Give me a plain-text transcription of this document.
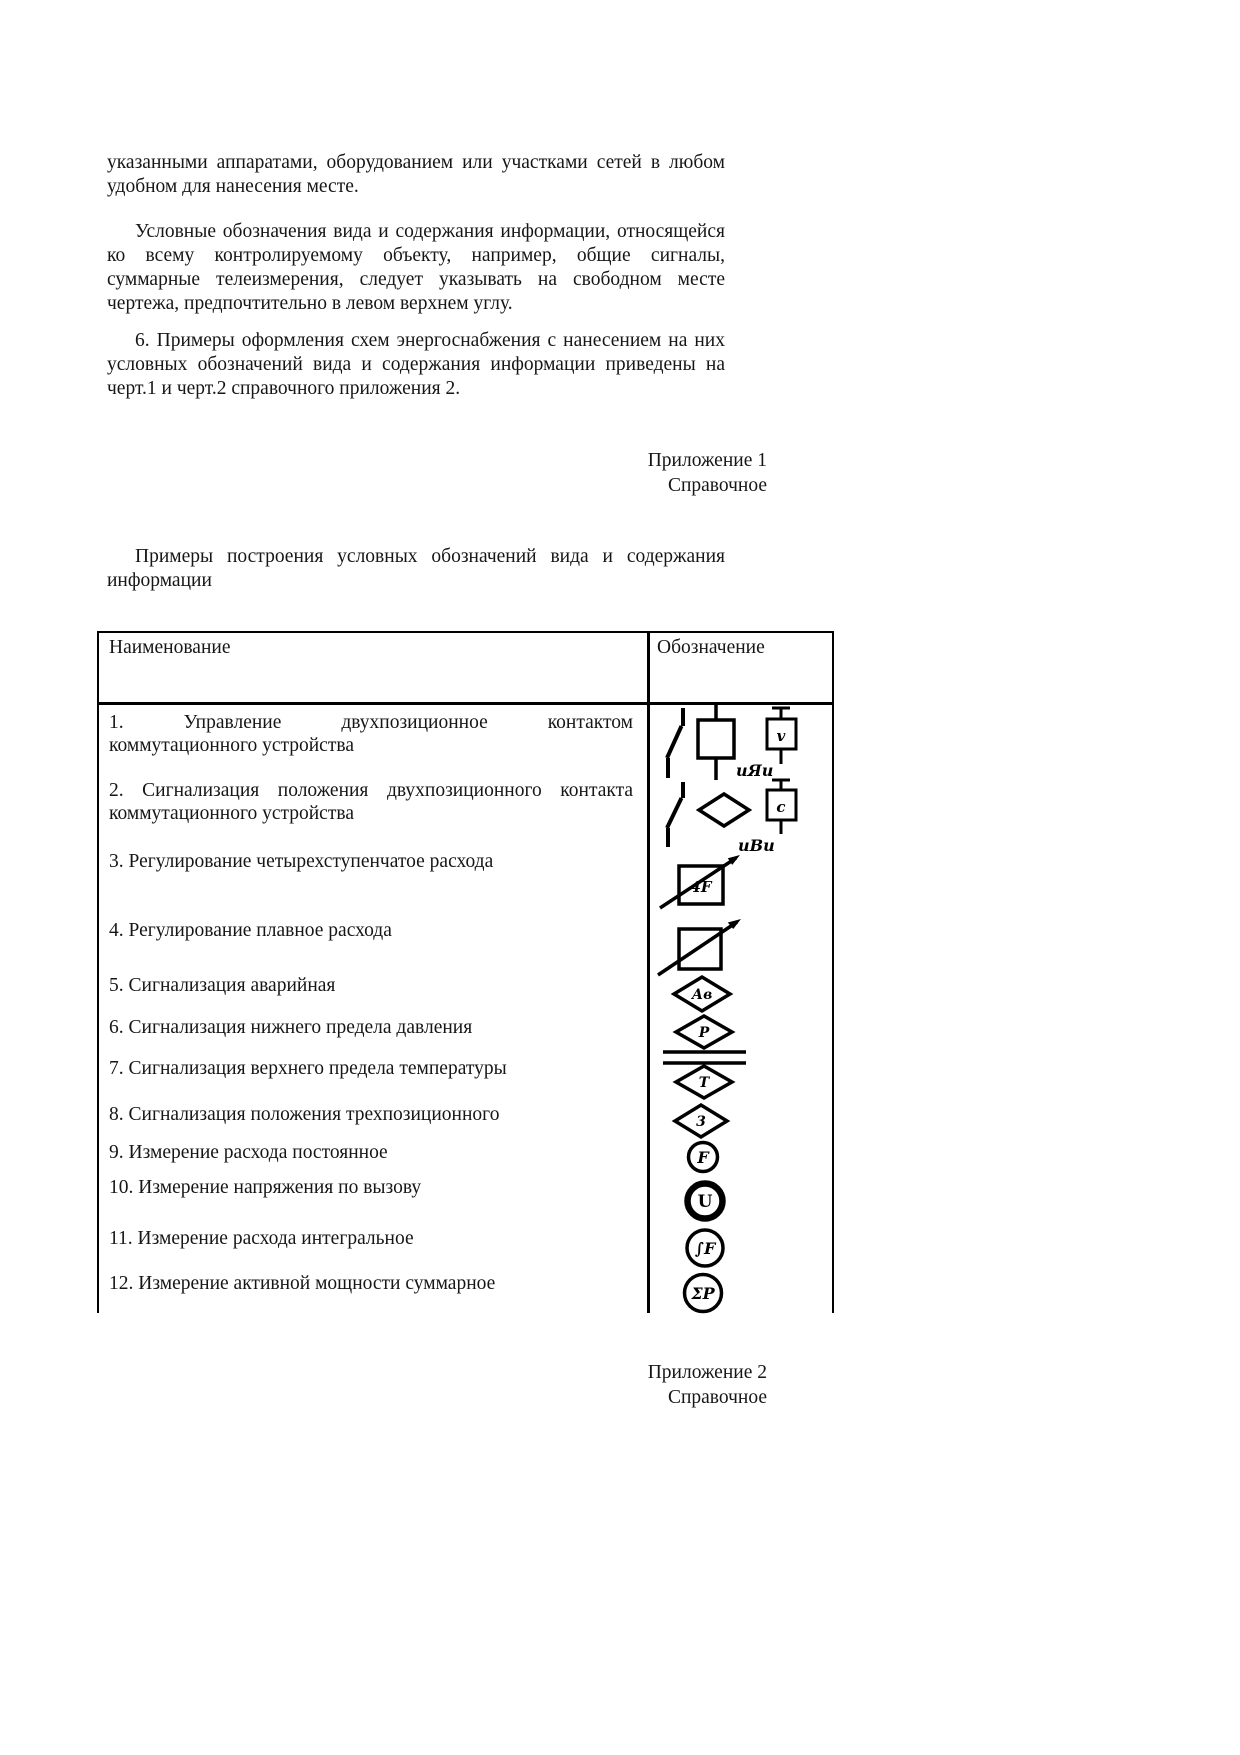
указанными аппаратами, оборудованием или участками сетей в любом
удобном для нанесения месте.
Условные обозначения вида и содержания информации, относящейся
ко всему контролируемому объекту, например, общие сигналы,
суммарные телеизмерения, следует указывать на свободном месте
чертежа, предпочтительно в левом верхнем углу.
6. Примеры оформления схем энергоснабжения с нанесением на них
условных обозначений вида и содержания информации приведены на
черт.1 и черт.2 справочного приложения 2.
Приложение 1
Справочное
Примеры построения условных обозначений вида и содержания
информации
Наименование	Обозначение
1. Управление двухпозиционное контактом
коммутационного устройства
2. Сигнализация положения двухпозиционного контакта
коммутационного устройства
3. Регулирование четырехступенчатое расхода
4. Регулирование плавное расхода
5. Сигнализация аварийная
6. Сигнализация нижнего предела давления
7. Сигнализация верхнего предела температуры
8. Сигнализация положения трехпозиционного
9. Измерение расхода постоянное
10. Измерение напряжения по вызову
11. Измерение расхода интегральное
12. Измерение активной мощности суммарное
uЯu
v
uВu
c
4F
Ав
Р
Т
3
F
U
∫F
ΣP
Приложение 2
Справочное
